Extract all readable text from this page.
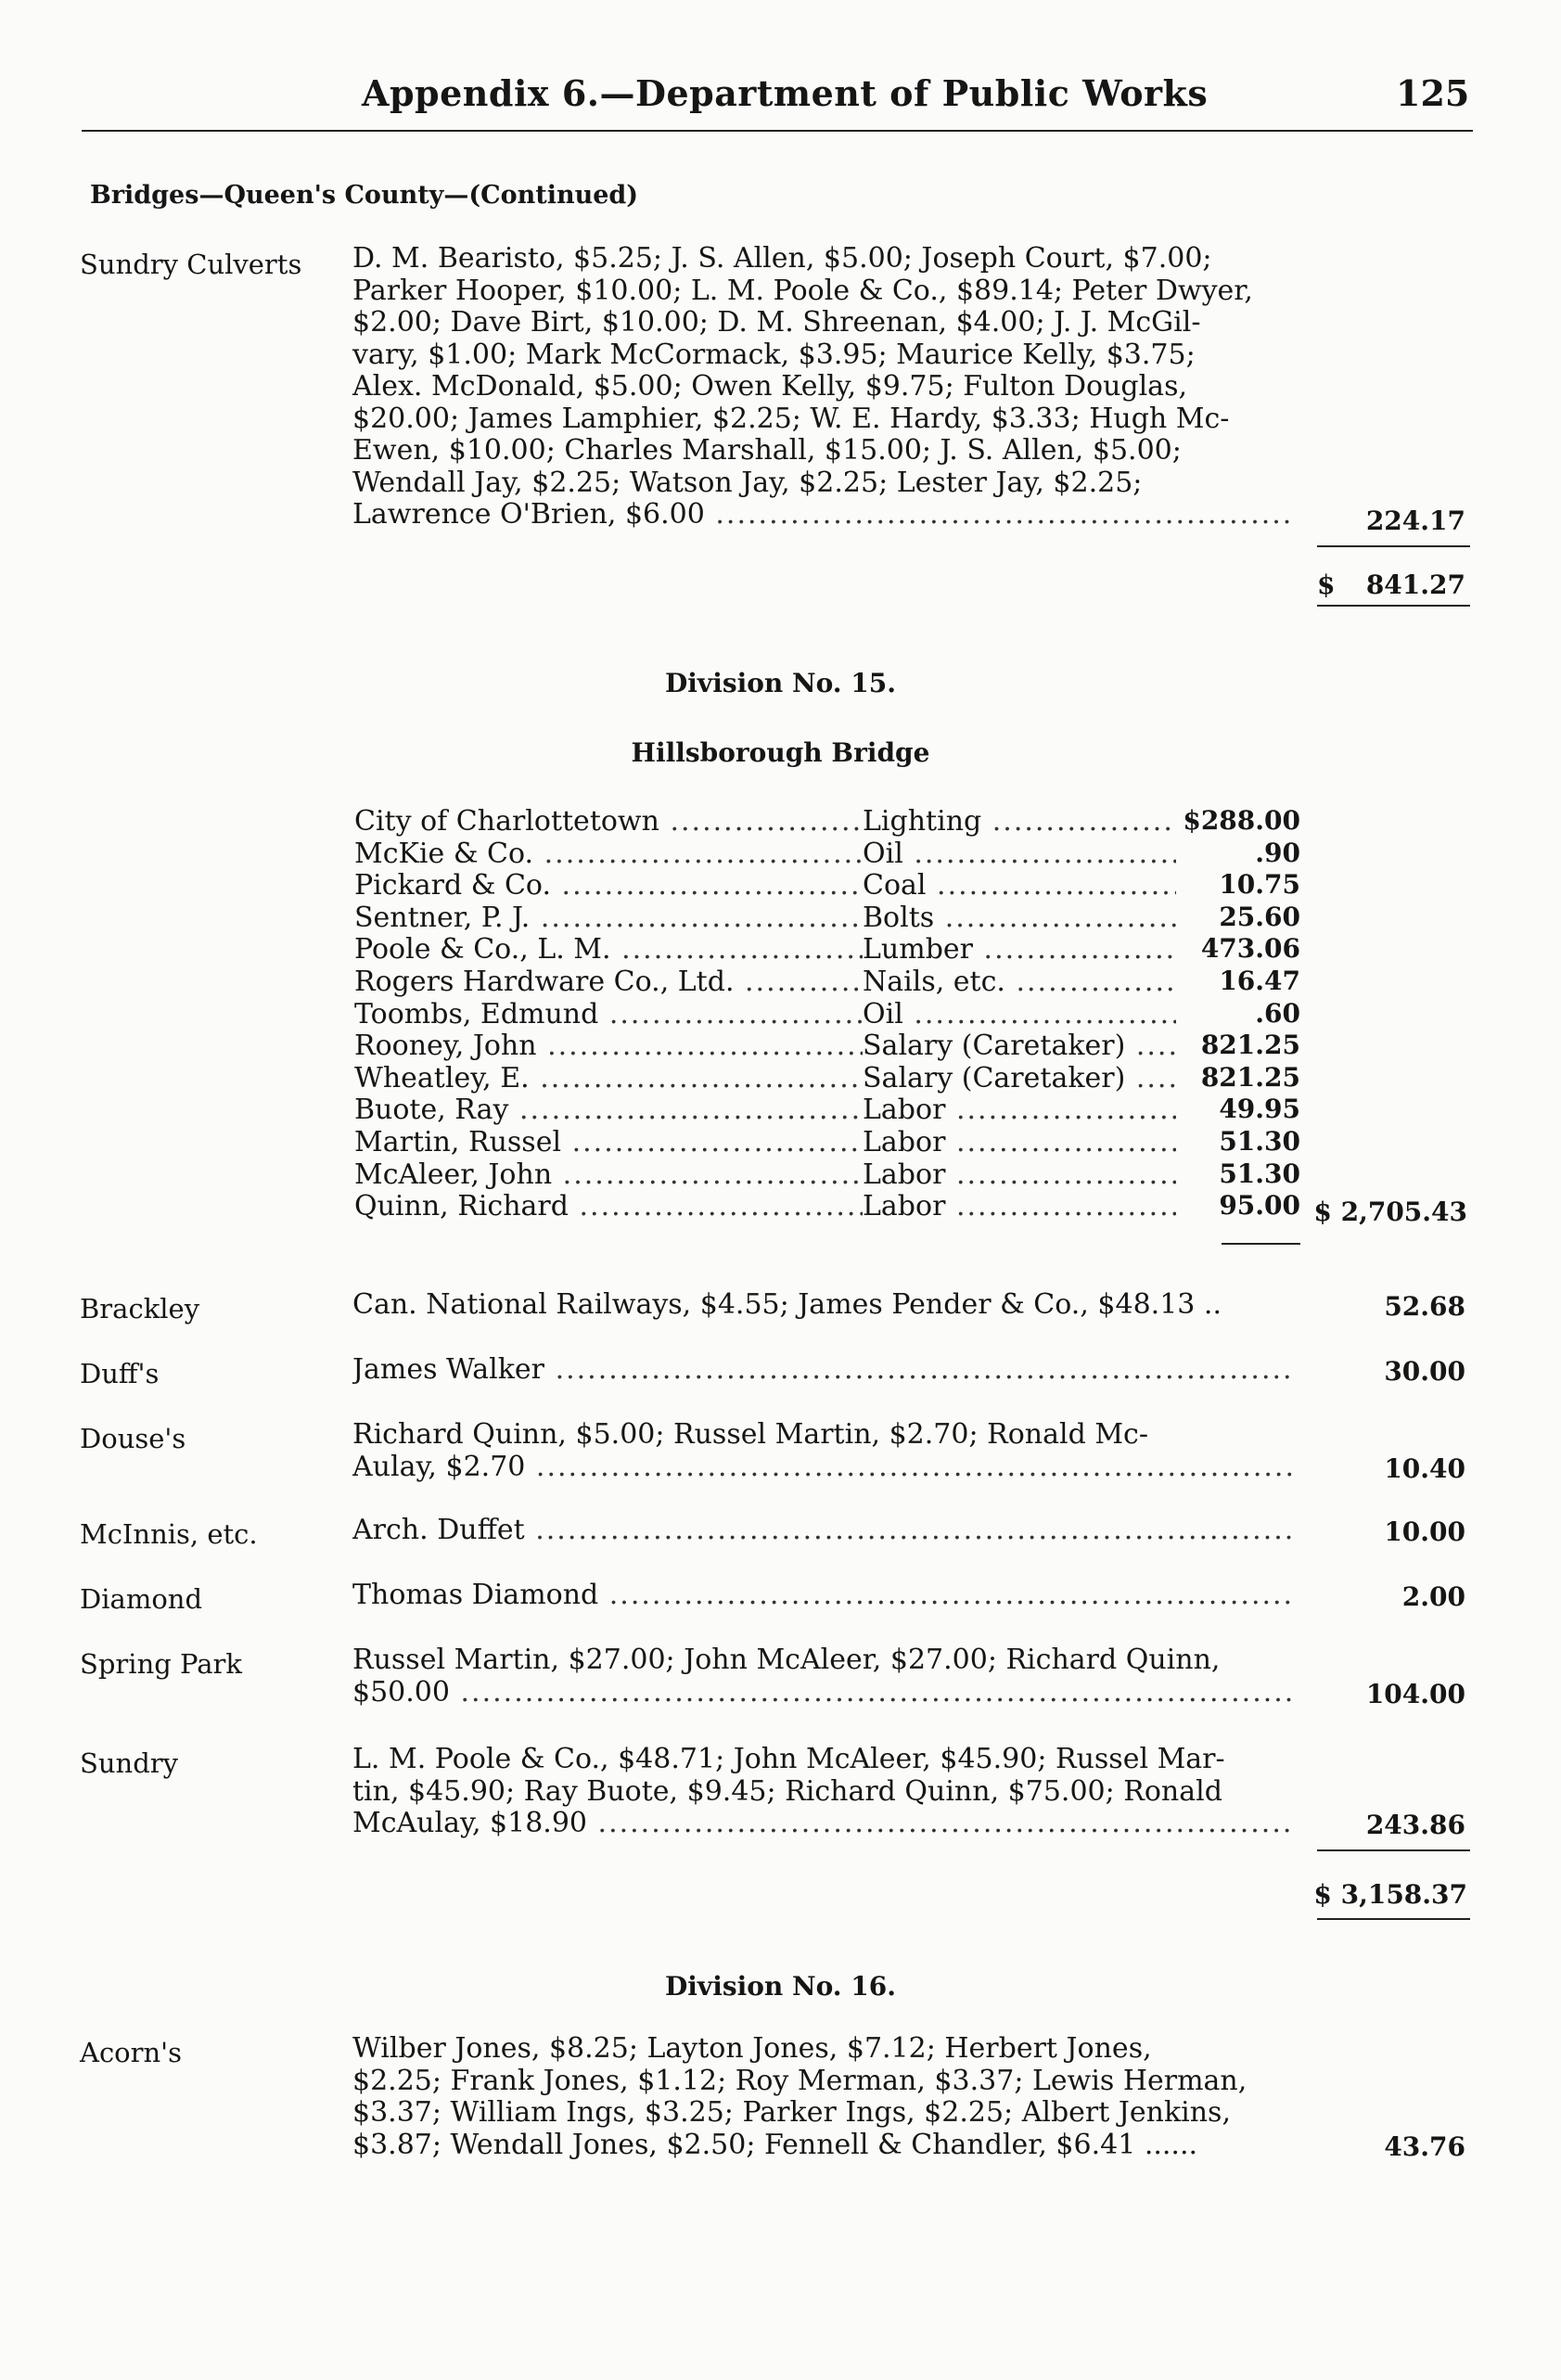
Appendix 6.—Department of Public Works	125
Bridges—Queen's County—(Continued)
Sundry Culverts D. M. Bearisto, $5.25; J. S. Allen, $5.00; Joseph Court, $7.00;
Parker Hooper, $10.00; L. M. Poole & Co., $89.14; Peter Dwyer,
$2.00; Dave Birt, $10.00; D. M. Shreenan, $4.00; J. J. McGil-
vary, $1.00; Mark McCormack, $3.95; Maurice Kelly, $3.75;
Alex. McDonald, $5.00; Owen Kelly, $9.75; Fulton Douglas,
$20.00; James Lamphier, $2.25; W. E. Hardy, $3.33; Hugh Mc-
Ewen, $10.00; Charles Marshall, $15.00; J. S. Allen, $5.00;
Wendall Jay, $2.25; Watson Jay, $2.25; Lester Jay, $2.25;
Lawrence O'Brien, $6.00 .....	224.17
$ 841.27
Division No. 15.
Hillsborough Bridge
City of Charlottetown .....	Lighting .....	$288.00
McKie & Co. .....	Oil .....	.90
Pickard & Co. .....	Coal .....	10.75
Sentner, P. J. .....	Bolts .....	25.60
Poole & Co., L. M. .....	Lumber .....	473.06
Rogers Hardware Co., Ltd. .....	Nails, etc. .....	16.47
Toombs, Edmund .....	Oil .....	.60
Rooney, John .....	Salary (Caretaker) .....	821.25
Wheatley, E. .....	Salary (Caretaker) .....	821.25
Buote, Ray .....	Labor .....	49.95
Martin, Russel .....	Labor .....	51.30
McAleer, John .....	Labor .....	51.30
Quinn, Richard .....	Labor .....	95.00 $ 2,705.43
Brackley	Can. National Railways, $4.55; James Pender & Co., $48.13 ..	52.68
Duff's	James Walker .....	30.00
Douse's	Richard Quinn, $5.00; Russel Martin, $2.70; Ronald Mc-
Aulay, $2.70 .....	10.40
McInnis, etc.	Arch. Duffet .....	10.00
Diamond	Thomas Diamond .....	2.00
Spring Park	Russel Martin, $27.00; John McAleer, $27.00; Richard Quinn,
$50.00 .....	104.00
Sundry	L. M. Poole & Co., $48.71; John McAleer, $45.90; Russel Mar-
tin, $45.90; Ray Buote, $9.45; Richard Quinn, $75.00; Ronald
McAulay, $18.90 .....	243.86
$ 3,158.37
Division No. 16.
Acorn's	Wilber Jones, $8.25; Layton Jones, $7.12; Herbert Jones,
$2.25; Frank Jones, $1.12; Roy Merman, $3.37; Lewis Herman,
$3.37; William Ings, $3.25; Parker Ings, $2.25; Albert Jenkins,
$3.87; Wendall Jones, $2.50; Fennell & Chandler, $6.41 ......	43.76
